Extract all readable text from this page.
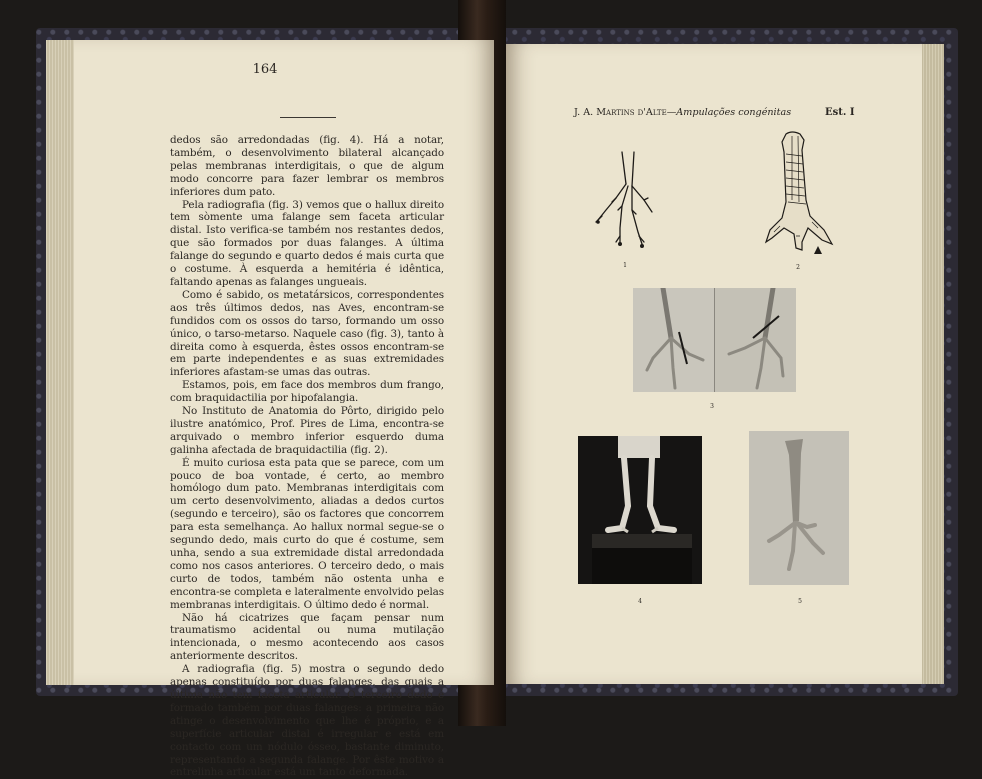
164

dedos são arredondadas (fig. 4). Há a notar, também, o desenvolvimento bilateral alcançado pelas membranas interdigitais, o que de algum modo concorre para fazer lembrar os membros inferiores dum pato.

Pela radiografia (fig. 3) vemos que o hallux direito tem sòmente uma falange sem faceta articular distal. Isto verifica-se também nos restantes dedos, que são formados por duas falanges. A última falange do segundo e quarto dedos é mais curta que o costume. À esquerda a hemitéria é idêntica, faltando apenas as falanges ungueais.

Como é sabido, os metatársicos, correspondentes aos três últimos dedos, nas Aves, encontram-se fundidos com os ossos do tarso, formando um osso único, o tarso-metarso. Naquele caso (fig. 3), tanto à direita como à esquerda, êstes ossos encontram-se em parte independentes e as suas extremidades inferiores afastam-se umas das outras.

Estamos, pois, em face dos membros dum frango, com braquidactilia por hipofalangia.

No Instituto de Anatomia do Pôrto, dirigido pelo ilustre anatómico, Prof. Pires de Lima, encontra-se arquivado o membro inferior esquerdo duma galinha afectada de braquidactilia (fig. 2).

É muito curiosa esta pata que se parece, com um pouco de boa vontade, é certo, ao membro homólogo dum pato. Membranas interdigitais com um certo desenvolvimento, aliadas a dedos curtos (segundo e terceiro), são os factores que concorrem para esta semelhança. Ao hallux normal segue-se o segundo dedo, mais curto do que é costume, sem unha, sendo a sua extremidade distal arredondada como nos casos anteriores. O terceiro dedo, o mais curto de todos, também não ostenta unha e encontra-se completa e lateralmente envolvido pelas membranas interdigitais. O último dedo é normal.

Não há cicatrizes que façam pensar num traumatismo acidental ou numa mutilação intencionada, o mesmo acontecendo aos casos anteriormente descritos.

A radiografia (fig. 5) mostra o segundo dedo apenas constituído por duas falanges, das quais a última não tem faceta articular. O terceiro dedo é formado também por duas falanges: a primeira não atinge o desenvolvimento que lhe é próprio, e a superfície articular distal é irregular e está em contacto com um nódulo ósseo, bastante diminuto, representando a segunda falange. Por êste motivo a entrelinha articular está um tanto deformada.

J. A. Martins d'Alte—Ampulações congénitas	Est. I
1	2
3
4	5
